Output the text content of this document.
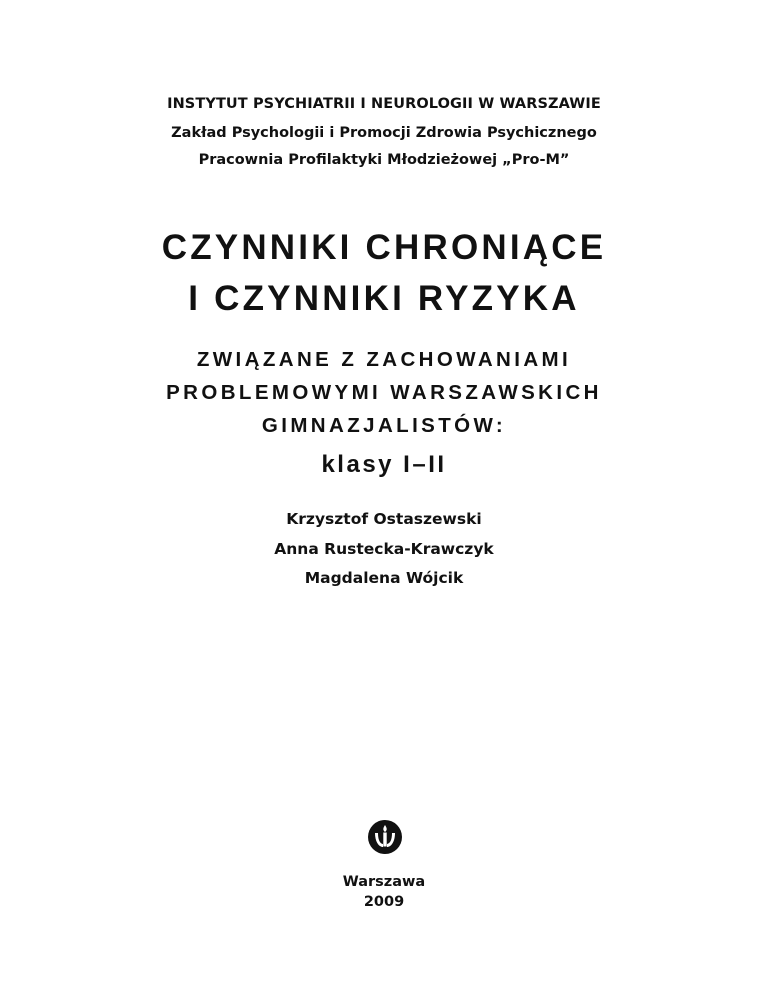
INSTYTUT PSYCHIATRII I NEUROLOGII W WARSZAWIE
Zakład Psychologii i Promocji Zdrowia Psychicznego
Pracownia Profilaktyki Młodzieżowej „Pro-M”
CZYNNIKI CHRONIĄCE
I CZYNNIKI RYZYKA
ZWIĄZANE Z ZACHOWANIAMI
PROBLEMOWYMI WARSZAWSKICH
GIMNAZJALISTÓW:
klasy I–II
Krzysztof Ostaszewski
Anna Rustecka-Krawczyk
Magdalena Wójcik
Warszawa
2009
